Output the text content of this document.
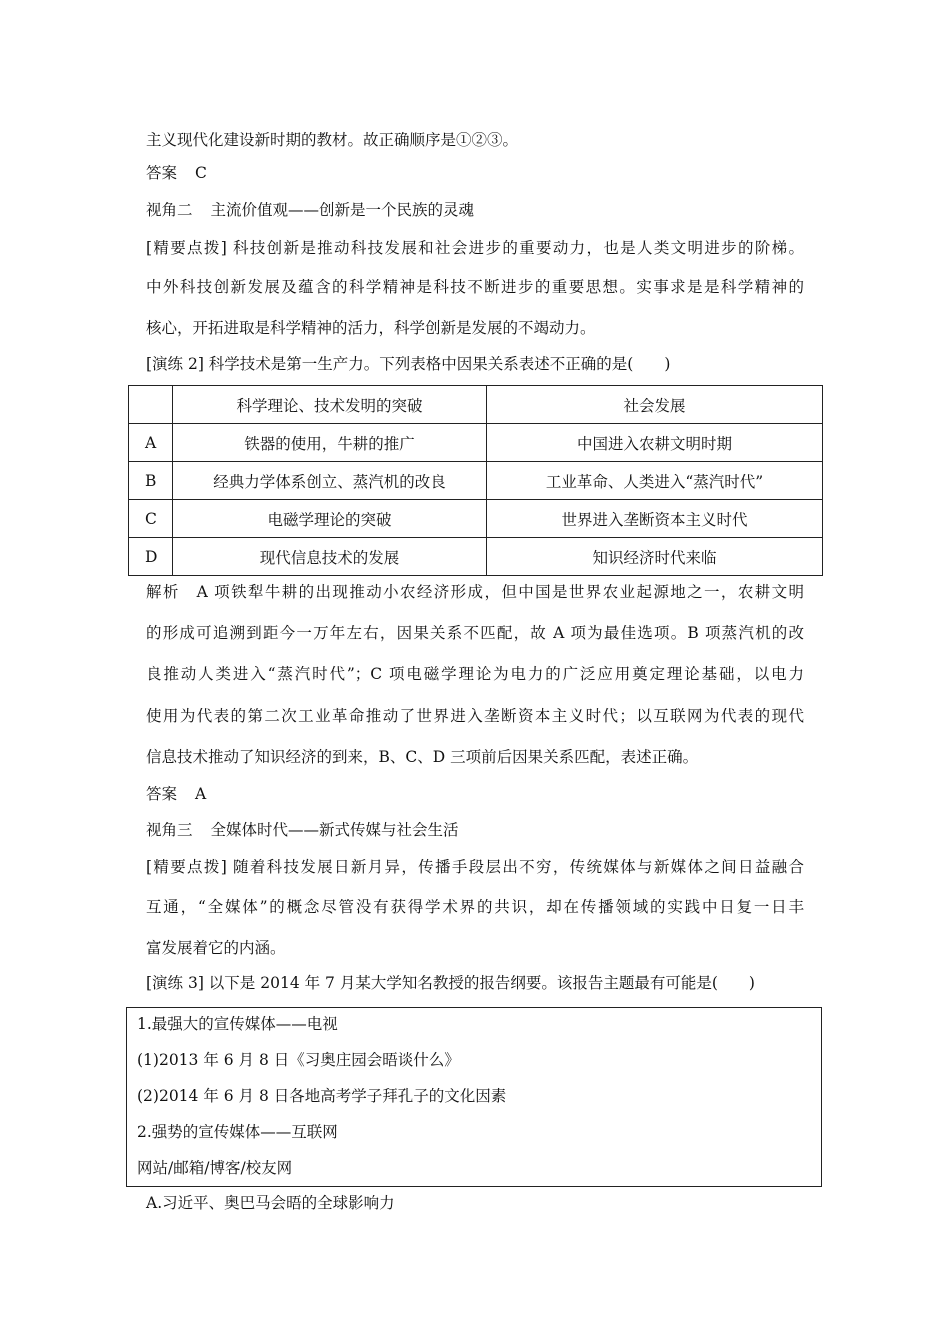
主义现代化建设新时期的教材。故正确顺序是①②③。
答案 C
视角二 主流价值观——创新是一个民族的灵魂
[精要点拨] 科技创新是推动科技发展和社会进步的重要动力，也是人类文明进步的阶梯。
中外科技创新发展及蕴含的科学精神是科技不断进步的重要思想。实事求是是科学精神的
核心，开拓进取是科学精神的活力，科学创新是发展的不竭动力。
[演练 2] 科学技术是第一生产力。下列表格中因果关系表述不正确的是(　　)
	科学理论、技术发明的突破	社会发展
A	铁器的使用，牛耕的推广	中国进入农耕文明时期
B	经典力学体系创立、蒸汽机的改良	工业革命、人类进入“蒸汽时代”
C	电磁学理论的突破	世界进入垄断资本主义时代
D	现代信息技术的发展	知识经济时代来临
解析　A 项铁犁牛耕的出现推动小农经济形成，但中国是世界农业起源地之一，农耕文明
的形成可追溯到距今一万年左右，因果关系不匹配，故 A 项为最佳选项。B 项蒸汽机的改
良推动人类进入“蒸汽时代”；C 项电磁学理论为电力的广泛应用奠定理论基础，以电力
使用为代表的第二次工业革命推动了世界进入垄断资本主义时代；以互联网为代表的现代
信息技术推动了知识经济的到来，B、C、D 三项前后因果关系匹配，表述正确。
答案 A
视角三 全媒体时代——新式传媒与社会生活
[精要点拨] 随着科技发展日新月异，传播手段层出不穷，传统媒体与新媒体之间日益融合
互通，“全媒体”的概念尽管没有获得学术界的共识，却在传播领域的实践中日复一日丰
富发展着它的内涵。
[演练 3] 以下是 2014 年 7 月某大学知名教授的报告纲要。该报告主题最有可能是(　　)
1.最强大的宣传媒体——电视
(1)2013 年 6 月 8 日《习奥庄园会晤谈什么》
(2)2014 年 6 月 8 日各地高考学子拜孔子的文化因素
2.强势的宣传媒体——互联网
网站/邮箱/博客/校友网
A.习近平、奥巴马会晤的全球影响力
